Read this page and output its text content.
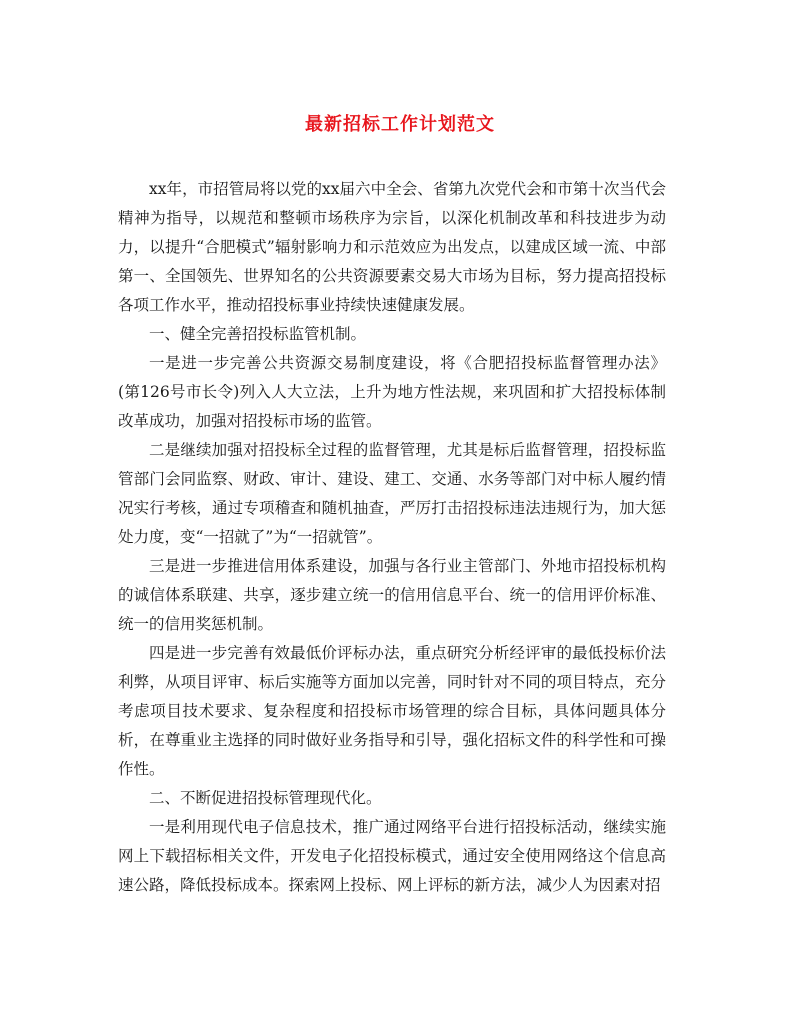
最新招标工作计划范文

xx年，市招管局将以党的xx届六中全会、省第九次党代会和市第十次当代会精神为指导，以规范和整顿市场秩序为宗旨，以深化机制改革和科技进步为动力，以提升“合肥模式”辐射影响力和示范效应为出发点，以建成区域一流、中部第一、全国领先、世界知名的公共资源要素交易大市场为目标，努力提高招投标各项工作水平，推动招投标事业持续快速健康发展。

一、健全完善招投标监管机制。

一是进一步完善公共资源交易制度建设，将《合肥招投标监督管理办法》(第126号市长令)列入人大立法，上升为地方性法规，来巩固和扩大招投标体制改革成功，加强对招投标市场的监管。

二是继续加强对招投标全过程的监督管理，尤其是标后监督管理，招投标监管部门会同监察、财政、审计、建设、建工、交通、水务等部门对中标人履约情况实行考核，通过专项稽查和随机抽查，严厉打击招投标违法违规行为，加大惩处力度，变“一招就了”为“一招就管”。

三是进一步推进信用体系建设，加强与各行业主管部门、外地市招投标机构的诚信体系联建、共享，逐步建立统一的信用信息平台、统一的信用评价标准、统一的信用奖惩机制。

四是进一步完善有效最低价评标办法，重点研究分析经评审的最低投标价法利弊，从项目评审、标后实施等方面加以完善，同时针对不同的项目特点，充分考虑项目技术要求、复杂程度和招投标市场管理的综合目标，具体问题具体分析，在尊重业主选择的同时做好业务指导和引导，强化招标文件的科学性和可操作性。

二、不断促进招投标管理现代化。

一是利用现代电子信息技术，推广通过网络平台进行招投标活动，继续实施网上下载招标相关文件，开发电子化招投标模式，通过安全使用网络这个信息高速公路，降低投标成本。探索网上投标、网上评标的新方法，减少人为因素对招
